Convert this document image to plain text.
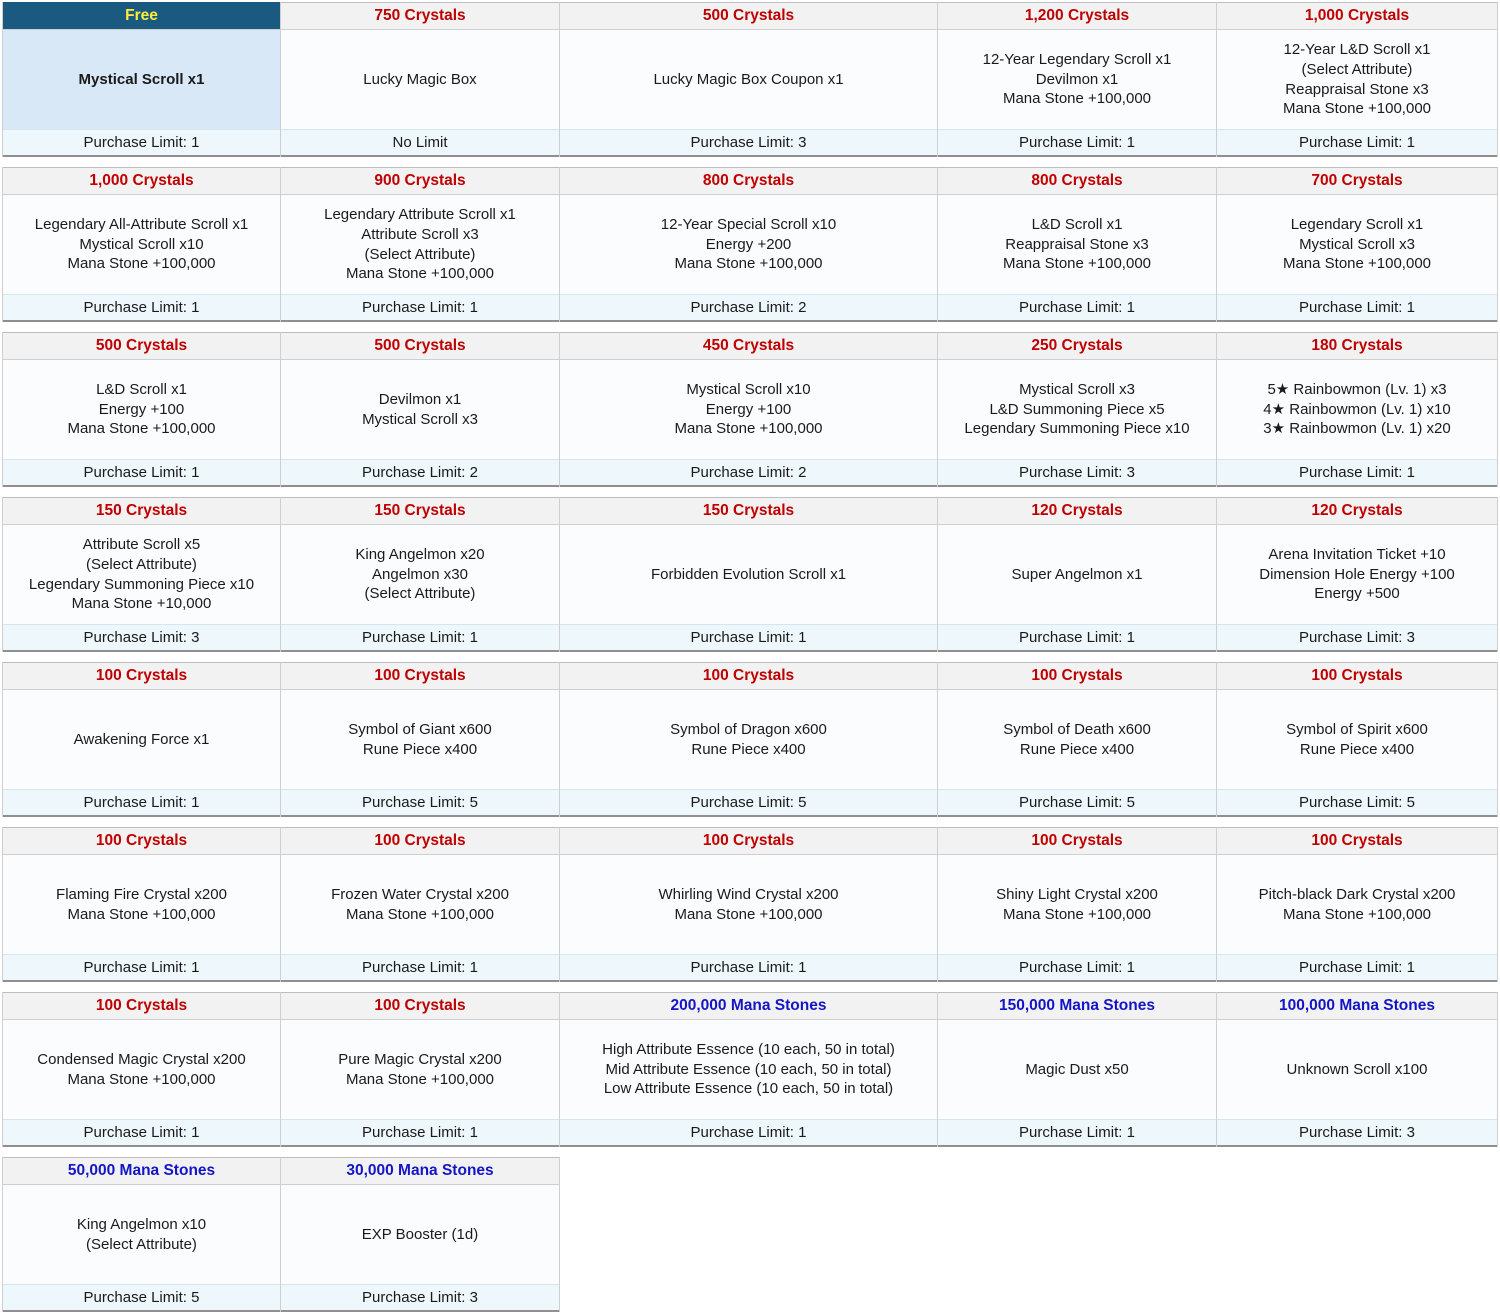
Free
Mystical Scroll x1
Purchase Limit: 1
750 Crystals
Lucky Magic Box
No Limit
500 Crystals
Lucky Magic Box Coupon x1
Purchase Limit: 3
1,200 Crystals
12-Year Legendary Scroll x1
Devilmon x1
Mana Stone +100,000
Purchase Limit: 1
1,000 Crystals
12-Year L&D Scroll x1
(Select Attribute)
Reappraisal Stone x3
Mana Stone +100,000
Purchase Limit: 1
1,000 Crystals
Legendary All-Attribute Scroll x1
Mystical Scroll x10
Mana Stone +100,000
Purchase Limit: 1
900 Crystals
Legendary Attribute Scroll x1
Attribute Scroll x3
(Select Attribute)
Mana Stone +100,000
Purchase Limit: 1
800 Crystals
12-Year Special Scroll x10
Energy +200
Mana Stone +100,000
Purchase Limit: 2
800 Crystals
L&D Scroll x1
Reappraisal Stone x3
Mana Stone +100,000
Purchase Limit: 1
700 Crystals
Legendary Scroll x1
Mystical Scroll x3
Mana Stone +100,000
Purchase Limit: 1
500 Crystals
L&D Scroll x1
Energy +100
Mana Stone +100,000
Purchase Limit: 1
500 Crystals
Devilmon x1
Mystical Scroll x3
Purchase Limit: 2
450 Crystals
Mystical Scroll x10
Energy +100
Mana Stone +100,000
Purchase Limit: 2
250 Crystals
Mystical Scroll x3
L&D Summoning Piece x5
Legendary Summoning Piece x10
Purchase Limit: 3
180 Crystals
5★ Rainbowmon (Lv. 1) x3
4★ Rainbowmon (Lv. 1) x10
3★ Rainbowmon (Lv. 1) x20
Purchase Limit: 1
150 Crystals
Attribute Scroll x5
(Select Attribute)
Legendary Summoning Piece x10
Mana Stone +10,000
Purchase Limit: 3
150 Crystals
King Angelmon x20
Angelmon x30
(Select Attribute)
Purchase Limit: 1
150 Crystals
Forbidden Evolution Scroll x1
Purchase Limit: 1
120 Crystals
Super Angelmon x1
Purchase Limit: 1
120 Crystals
Arena Invitation Ticket +10
Dimension Hole Energy +100
Energy +500
Purchase Limit: 3
100 Crystals
Awakening Force x1
Purchase Limit: 1
100 Crystals
Symbol of Giant x600
Rune Piece x400
Purchase Limit: 5
100 Crystals
Symbol of Dragon x600
Rune Piece x400
Purchase Limit: 5
100 Crystals
Symbol of Death x600
Rune Piece x400
Purchase Limit: 5
100 Crystals
Symbol of Spirit x600
Rune Piece x400
Purchase Limit: 5
100 Crystals
Flaming Fire Crystal x200
Mana Stone +100,000
Purchase Limit: 1
100 Crystals
Frozen Water Crystal x200
Mana Stone +100,000
Purchase Limit: 1
100 Crystals
Whirling Wind Crystal x200
Mana Stone +100,000
Purchase Limit: 1
100 Crystals
Shiny Light Crystal x200
Mana Stone +100,000
Purchase Limit: 1
100 Crystals
Pitch-black Dark Crystal x200
Mana Stone +100,000
Purchase Limit: 1
100 Crystals
Condensed Magic Crystal x200
Mana Stone +100,000
Purchase Limit: 1
100 Crystals
Pure Magic Crystal x200
Mana Stone +100,000
Purchase Limit: 1
200,000 Mana Stones
High Attribute Essence (10 each, 50 in total)
Mid Attribute Essence (10 each, 50 in total)
Low Attribute Essence (10 each, 50 in total)
Purchase Limit: 1
150,000 Mana Stones
Magic Dust x50
Purchase Limit: 1
100,000 Mana Stones
Unknown Scroll x100
Purchase Limit: 3
50,000 Mana Stones
King Angelmon x10
(Select Attribute)
Purchase Limit: 5
30,000 Mana Stones
EXP Booster (1d)
Purchase Limit: 3
